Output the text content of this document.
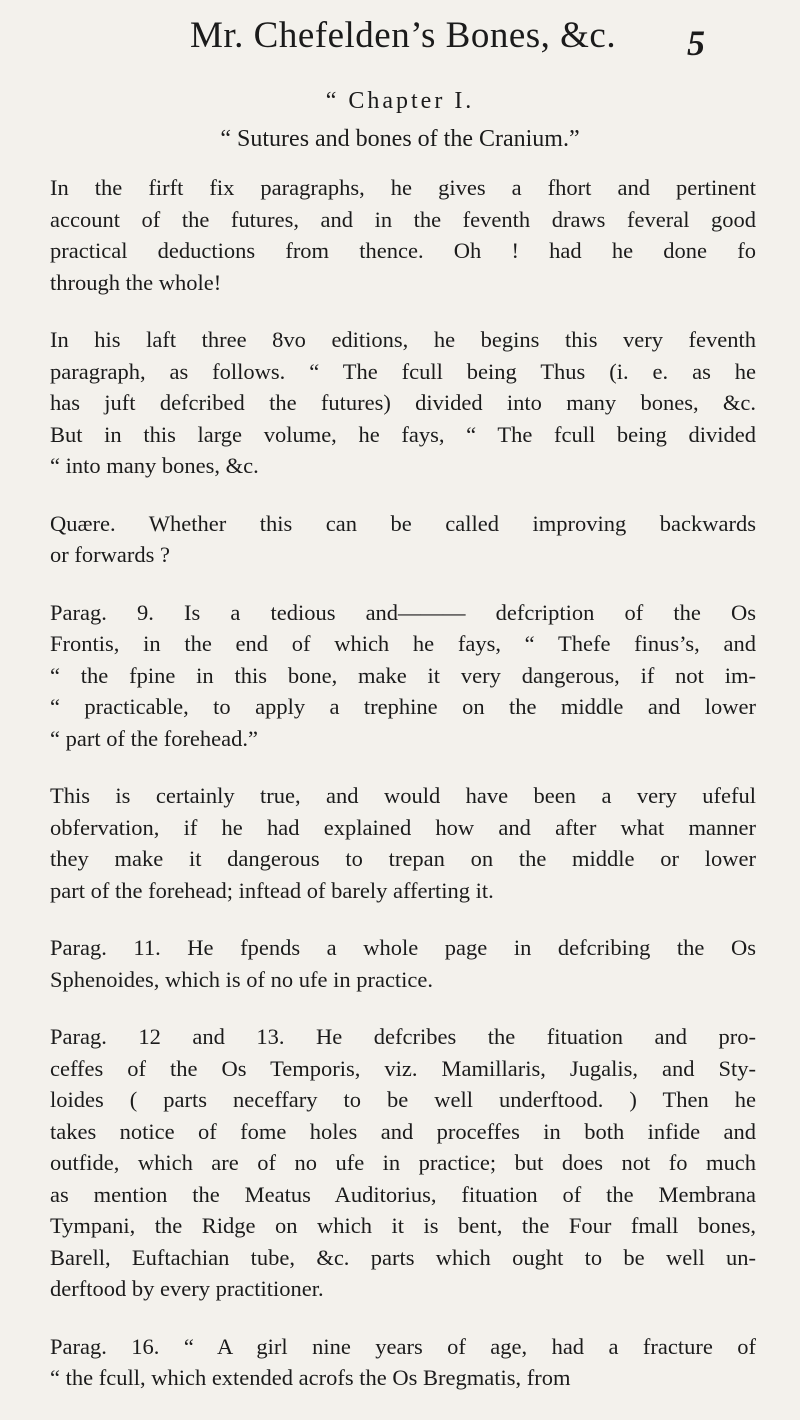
Mr. Chefelden’s Bones, &c. 5
“ Chapter I.
“ Sutures and bones of the Cranium.”
In the firft fix paragraphs, he gives a fhort and pertinent
account of the futures, and in the feventh draws feveral good
practical deductions from thence. Oh ! had he done fo
through the whole!
In his laft three 8vo editions, he begins this very feventh
paragraph, as follows. “ The fcull being Thus (i. e. as he
has juft defcribed the futures) divided into many bones, &c.
But in this large volume, he fays, “ The fcull being divided
“ into many bones, &c.
Quære. Whether this can be called improving backwards
or forwards ?
Parag. 9. Is a tedious and——— defcription of the Os
Frontis, in the end of which he fays, “ Thefe finus’s, and
“ the fpine in this bone, make it very dangerous, if not im-
“ practicable, to apply a trephine on the middle and lower
“ part of the forehead.”
This is certainly true, and would have been a very ufeful
obfervation, if he had explained how and after what manner
they make it dangerous to trepan on the middle or lower
part of the forehead; inftead of barely afferting it.
Parag. 11. He fpends a whole page in defcribing the Os
Sphenoides, which is of no ufe in practice.
Parag. 12 and 13. He defcribes the fituation and pro-
ceffes of the Os Temporis, viz. Mamillaris, Jugalis, and Sty-
loides ( parts neceffary to be well underftood. ) Then he
takes notice of fome holes and proceffes in both infide and
outfide, which are of no ufe in practice; but does not fo much
as mention the Meatus Auditorius, fituation of the Membrana
Tympani, the Ridge on which it is bent, the Four fmall bones,
Barell, Euftachian tube, &c. parts which ought to be well un-
derftood by every practitioner.
Parag. 16. “ A girl nine years of age, had a fracture of
“ the fcull, which extended acrofs the Os Bregmatis, from
